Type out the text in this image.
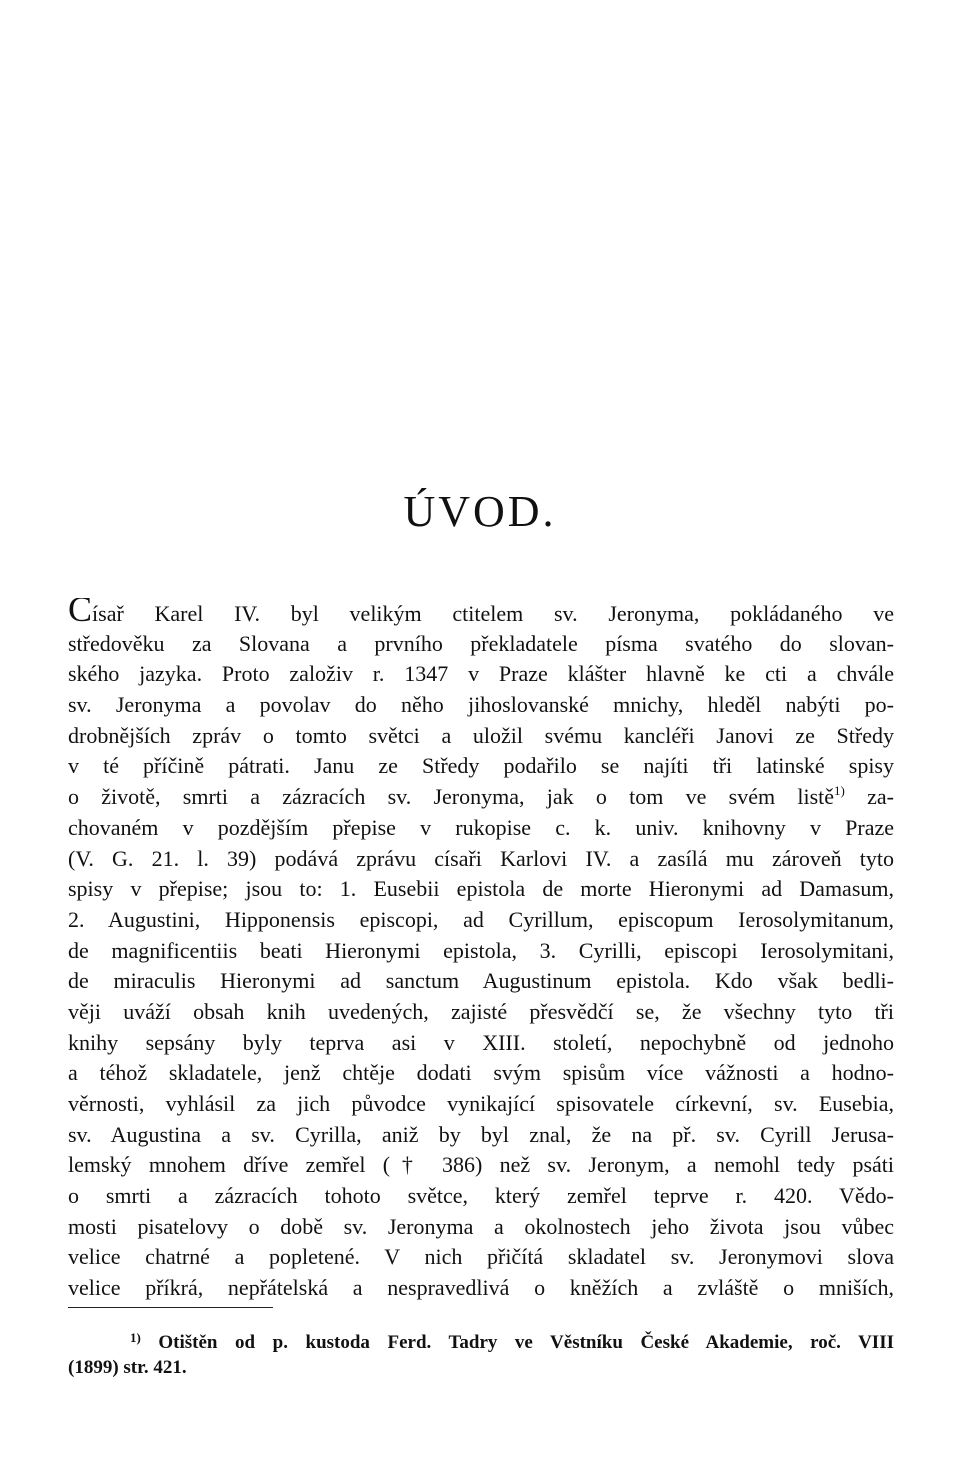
ÚVOD.
Císař Karel IV. byl velikým ctitelem sv. Jeronyma, pokládaného ve
středověku za Slovana a prvního překladatele písma svatého do slovan-
ského jazyka. Proto založiv r. 1347 v Praze klášter hlavně ke cti a chvále
sv. Jeronyma a povolav do něho jihoslovanské mnichy, hleděl nabýti po-
drobnějších zpráv o tomto světci a uložil svému kancléři Janovi ze Středy
v té příčině pátrati. Janu ze Středy podařilo se najíti tři latinské spisy
o životě, smrti a zázracích sv. Jeronyma, jak o tom ve svém listě$^{1)}$ za-
chovaném v pozdějším přepise v rukopise c. k. univ. knihovny v Praze
(V. G. 21. l. 39) podává zprávu císaři Karlovi IV. a zasílá mu zároveň tyto
spisy v přepise; jsou to: 1. Eusebii epistola de morte Hieronymi ad Damasum,
2. Augustini, Hipponensis episcopi, ad Cyrillum, episcopum Ierosolymitanum,
de magnificentiis beati Hieronymi epistola, 3. Cyrilli, episcopi Ierosolymitani,
de miraculis Hieronymi ad sanctum Augustinum epistola. Kdo však bedli-
věji uváží obsah knih uvedených, zajisté přesvědčí se, že všechny tyto tři
knihy sepsány byly teprva asi v XIII. století, nepochybně od jednoho
a téhož skladatele, jenž chtěje dodati svým spisům více vážnosti a hodno-
věrnosti, vyhlásil za jich původce vynikající spisovatele církevní, sv. Eusebia,
sv. Augustina a sv. Cyrilla, aniž by byl znal, že na př. sv. Cyrill Jerusa-
lemský mnohem dříve zemřel († 386) než sv. Jeronym, a nemohl tedy psáti
o smrti a zázracích tohoto světce, který zemřel teprve r. 420. Vědo-
mosti pisatelovy o době sv. Jeronyma a okolnostech jeho života jsou vůbec
velice chatrné a popletené. V nich přičítá skladatel sv. Jeronymovi slova
velice příkrá, nepřátelská a nespravedlivá o kněžích a zvláště o mniších,
$^{1)}$ Otištěn od p. kustoda Ferd. Tadry ve Věstníku České Akademie, roč. VIII
(1899) str. 421.
